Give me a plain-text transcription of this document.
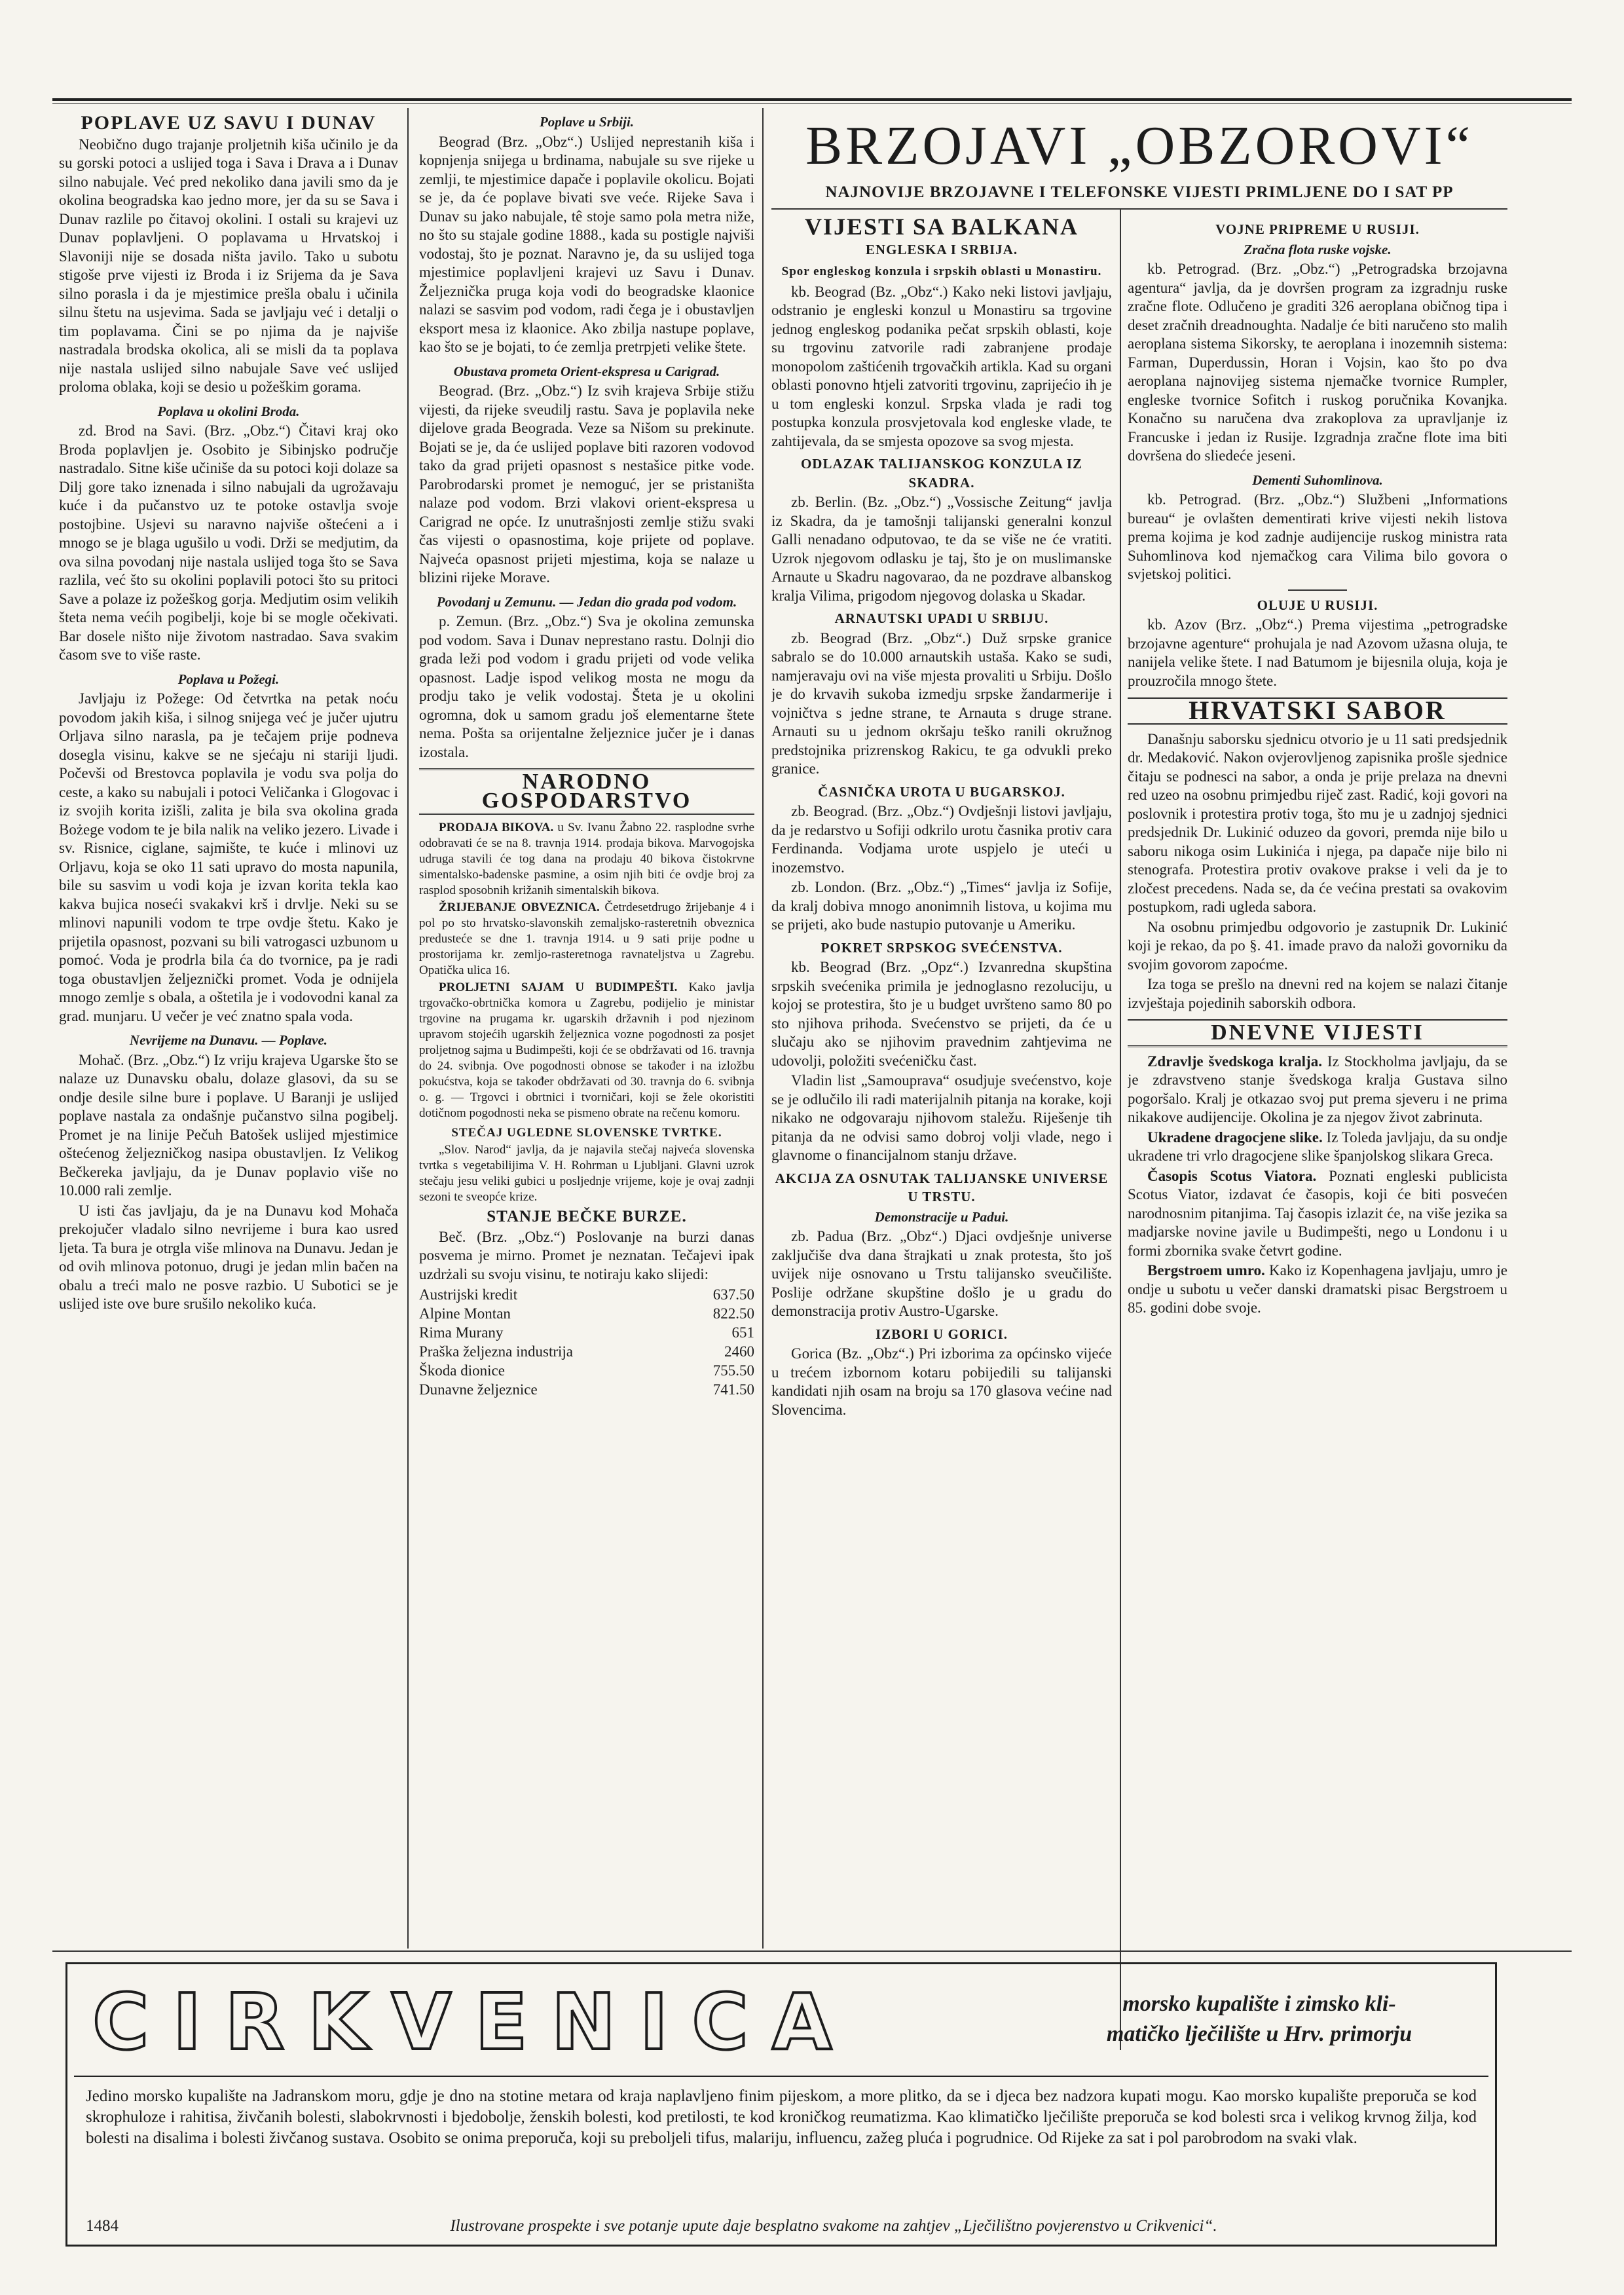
POPLAVE UZ SAVU I DUNAV

Neobično dugo trajanje proljetnih kiša učinilo je da su gorski potoci a uslijed toga i Sava i Drava a i Dunav silno nabujale. Već pred nekoliko dana javili smo da je okolina beogradska kao jedno more, jer da su se Sava i Dunav razlile po čitavoj okolini. I ostali su krajevi uz Dunav poplavljeni. O poplavama u Hrvatskoj i Slavoniji nije se dosada ništa javilo. Tako u subotu stigoše prve vijesti iz Broda i iz Srijema da je Sava silno porasla i da je mjestimice prešla obalu i učinila silnu štetu na usjevima. Sada se javljaju već i detalji o tim poplavama. Čini se po njima da je najviše nastradala brodska okolica, ali se misli da ta poplava nije nastala uslijed silno nabujale Save već uslijed proloma oblaka, koji se desio u požeškim gorama.

Poplava u okolini Broda.

zd. Brod na Savi. (Brz. „Obz.“) Čitavi kraj oko Broda poplavljen je. Osobito je Sibinjsko područje nastradalo. Sitne kiše učiniše da su potoci koji dolaze sa Dilj gore tako iznenada i silno nabujali da ugrožavaju kuće i da pučanstvo uz te potoke ostavlja svoje postojbine. Usjevi su naravno najviše oštećeni a i mnogo se je blaga ugušilo u vodi. Drži se medjutim, da ova silna povodanj nije nastala uslijed toga što se Sava razlila, već što su okolini poplavili potoci što su pritoci Save a polaze iz požeškog gorja. Medjutim osim velikih šteta nema većih pogibelji, koje bi se mogle očekivati. Bar dosele ništo nije životom nastradao. Sava svakim časom sve to više raste.

Poplava u Požegi.

Javljaju iz Požege: Od četvrtka na petak noću povodom jakih kiša, i silnog snijega već je jučer ujutru Orljava silno narasla, pa je tečajem prije podneva dosegla visinu, kakve se ne sjećaju ni stariji ljudi. Počevši od Brestovca poplavila je vodu sva polja do ceste, a kako su nabujali i potoci Veličanka i Glogovac i iz svojih korita izišli, zalita je bila sva okolina grada Bożege vodom te je bila nalik na veliko jezero. Livade i sv. Risnice, ciglane, sajmište, te kuće i mlinovi uz Orljavu, koja se oko 11 sati upravo do mosta napunila, bile su sasvim u vodi koja je izvan korita tekla kao kakva bujica noseći svakakvi krš i drvlje. Neki su se mlinovi napunili vodom te trpe ovdje štetu. Kako je prijetila opasnost, pozvani su bili vatrogasci uzbunom u pomoć. Voda je prodrla bila ća do tvornice, pa je radi toga obustavljen željeznički promet. Voda je odnijela mnogo zemlje s obala, a oštetila je i vodovodni kanal za grad. munjaru. U večer je već znatno spala voda.

Nevrijeme na Dunavu. — Poplave.

Mohač. (Brz. „Obz.“) Iz vriju krajeva Ugarske što se nalaze uz Dunavsku obalu, dolaze glasovi, da su se ondje desile silne bure i poplave. U Baranji je uslijed poplave nastala za ondašnje pučanstvo silna pogibelj. Promet je na linije Pečuh Batošek uslijed mjestimice oštećenog željezničkog nasipa obustavljen. Iz Velikog Bečkereka javljaju, da je Dunav poplavio više no 10.000 rali zemlje.

U isti čas javljaju, da je na Dunavu kod Mohača prekojučer vladalo silno nevrijeme i bura kao usred ljeta. Ta bura je otrgla više mlinova na Dunavu. Jedan je od ovih mlinova potonuo, drugi je jedan mlin bačen na obalu a treći malo ne posve razbio. U Subotici se je uslijed iste ove bure srušilo nekoliko kuća.

Poplave u Srbiji.

Beograd (Brz. „Obz“.) Uslijed neprestanih kiša i kopnjenja snijega u brdinama, nabujale su sve rijeke u zemlji, te mjestimice dapače i poplavile okolicu. Bojati se je, da će poplave bivati sve veće. Rijeke Sava i Dunav su jako nabujale, tê stoje samo pola metra niže, no što su stajale godine 1888., kada su postigle najviši vodostaj, što je poznat. Naravno je, da su uslijed toga mjestimice poplavljeni krajevi uz Savu i Dunav. Željeznička pruga koja vodi do beogradske klaonice nalazi se sasvim pod vodom, radi čega je i obustavljen eksport mesa iz klaonice. Ako zbilja nastupe poplave, kao što se je bojati, to će zemlja pretrpjeti velike štete.

Obustava prometa Orient-ekspresa u Carigrad.

Beograd. (Brz. „Obz.“) Iz svih krajeva Srbije stižu vijesti, da rijeke sveudilj rastu. Sava je poplavila neke dijelove grada Beograda. Veze sa Nišom su prekinute. Bojati se je, da će uslijed poplave biti razoren vodovod tako da grad prijeti opasnost s nestašice pitke vode. Parobrodarski promet je nemoguć, jer se pristaništa nalaze pod vodom. Brzi vlakovi orient-ekspresa u Carigrad ne opće. Iz unutrašnjosti zemlje stižu svaki čas vijesti o opasnostima, koje prijete od poplave. Najveća opasnost prijeti mjestima, koja se nalaze u blizini rijeke Morave.

Povodanj u Zemunu. — Jedan dio grada pod vodom.

p. Zemun. (Brz. „Obz.“) Sva je okolina zemunska pod vodom. Sava i Dunav neprestano rastu. Dolnji dio grada leži pod vodom i gradu prijeti od vode velika opasnost. Ladje ispod velikog mosta ne mogu da prodju tako je velik vodostaj. Šteta je u okolini ogromna, dok u samom gradu još elementarne štete nema. Pošta sa orijentalne željeznice jučer je i danas izostala.

NARODNO GOSPODARSTVO

PRODAJA BIKOVA. u Sv. Ivanu Žabno 22. rasplodne svrhe odobravati će se na 8. travnja 1914. prodaja bikova. Marvogojska udruga stavili će tog dana na prodaju 40 bikova čistokrvne simentalsko-badenske pasmine, a osim njih biti će ovdje broj za rasplod sposobnih križanih simentalskih bikova.

ŽRIJEBANJE OBVEZNICA. Četrdesetdrugo žrijebanje 4 i pol po sto hrvatsko-slavonskih zemaljsko-rasteretnih obveznica predusteće se dne 1. travnja 1914. u 9 sati prije podne u prostorijama kr. zemljo-rasteretnoga ravnateljstva u Zagrebu. Opatička ulica 16.

PROLJETNI SAJAM U BUDIMPEŠTI. Kako javlja trgovačko-obrtnička komora u Zagrebu, podijelio je ministar trgovine na prugama kr. ugarskih državnih i pod njezinom upravom stojećih ugarskih željeznica vozne pogodnosti za posjet proljetnog sajma u Budimpešti, koji će se obdržavati od 16. travnja do 24. svibnja. Ove pogodnosti obnose se također i na izložbu pokućstva, koja se također obdržavati od 30. travnja do 6. svibnja o. g. — Trgovci i obrtnici i tvorničari, koji se žele okoristiti dotičnom pogodnosti neka se pismeno obrate na rečenu komoru.

STEČAJ UGLEDNE SLOVENSKE TVRTKE.

„Slov. Narod“ javlja, da je najavila stečaj najveća slovenska tvrtka s vegetabilijima V. H. Rohrman u Ljubljani. Glavni uzrok stečaju jesu veliki gubici u posljednje vrijeme, koje je ovaj zadnji sezoni te sveopće krize.

STANJE BEČKE BURZE.

Beč. (Brz. „Obz.“) Poslovanje na burzi danas posvema je mirno. Promet je neznatan. Tečajevi ipak uzdrżali su svoju visinu, te notiraju kako slijedi:

Austrijski kredit	637.50
Alpine Montan	822.50
Rima Murany	651
Praška željezna industrija	2460
Škoda dionice	755.50
Dunavne željeznice	741.50
BRZOJAVI „OBZOROVI“
NAJNOVIJE BRZOJAVNE I TELEFONSKE VIJESTI PRIMLJENE DO I SAT PP
VIJESTI SA BALKANA
ENGLESKA I SRBIJA.
Spor engleskog konzula i srpskih oblasti u Monastiru.

kb. Beograd (Bz. „Obz“.) Kako neki listovi javljaju, odstranio je engleski konzul u Monastiru sa trgovine jednog engleskog podanika pečat srpskih oblasti, koje su trgovinu zatvorile radi zabranjene prodaje monopolom zaštićenih trgovačkih artikla. Kad su organi oblasti ponovno htjeli zatvoriti trgovinu, zaprijećio ih je u tom engleski konzul. Srpska vlada je radi tog postupka konzula prosvjetovala kod engleske vlade, te zahtijevala, da se smjesta opozove sa svog mjesta.

ODLAZAK TALIJANSKOG KONZULA IZ SKADRA.

zb. Berlin. (Bz. „Obz.“) „Vossische Zeitung“ javlja iz Skadra, da je tamošnji talijanski generalni konzul Galli nenadano odputovao, te da se više ne će vratiti. Uzrok njegovom odlasku je taj, što je on muslimanske Arnaute u Skadru nagovarao, da ne pozdrave albanskog kralja Vilima, prigodom njegovog dolaska u Skadar.

ARNAUTSKI UPADI U SRBIJU.

zb. Beograd (Brz. „Obz“.) Duž srpske granice sabralo se do 10.000 arnautskih ustaša. Kako se sudi, namjeravaju ovi na više mjesta provaliti u Srbiju. Došlo je do krvavih sukoba izmedju srpske žandarmerije i vojničtva s jedne strane, te Arnauta s druge strane. Arnauti su u jednom okršaju teško ranili okružnog predstojnika prizrenskog Rakicu, te ga odvukli preko granice.

ČASNIČKA UROTA U BUGARSKOJ.

zb. Beograd. (Brz. „Obz.“) Ovdješnji listovi javljaju, da je redarstvo u Sofiji odkrilo urotu časnika protiv cara Ferdinanda. Vodjama urote uspjelo je uteći u inozemstvo.

zb. London. (Brz. „Obz.“) „Times“ javlja iz Sofije, da kralj dobiva mnogo anonimnih listova, u kojima mu se prijeti, ako bude nastupio putovanje u Ameriku.

POKRET SRPSKOG SVEĆENSTVA.

kb. Beograd (Brz. „Opz“.) Izvanredna skupština srpskih svećenika primila je jednoglasno rezoluciju, u kojoj se protestira, što je u budget uvršteno samo 80 po sto njihova prihoda. Svećenstvo se prijeti, da će u slučaju ako se njihovim pravednim zahtjevima ne udovolji, položiti svećeničku čast.

Vladin list „Samouprava“ osudjuje svećenstvo, koje se je odlučilo ili radi materijalnih pitanja na korake, koji nikako ne odgovaraju njihovom staležu. Riješenje tih pitanja da ne odvisi samo dobroj volji vlade, nego i glavnome o financijalnom stanju države.

AKCIJA ZA OSNUTAK TALIJANSKE UNIVERSE U TRSTU.
Demonstracije u Padui.

zb. Padua (Brz. „Obz“.) Djaci ovdješnje universe zaključiše dva dana štrajkati u znak protesta, što još uvijek nije osnovano u Trstu talijansko sveučilište. Poslije održane skupštine došlo je u gradu do demonstracija protiv Austro-Ugarske.

IZBORI U GORICI.

Gorica (Bz. „Obz“.) Pri izborima za općinsko vijeće u trećem izbornom kotaru pobijedili su talijanski kandidati njih osam na broju sa 170 glasova većine nad Slovencima.

VOJNE PRIPREME U RUSIJI.
Zračna flota ruske vojske.

kb. Petrograd. (Brz. „Obz.“) „Petrogradska brzojavna agentura“ javlja, da je dovršen program za izgradnju ruske zračne flote. Odlučeno je graditi 326 aeroplana običnog tipa i deset zračnih dreadnoughta. Nadalje će biti naručeno sto malih aeroplana sistema Sikorsky, te aeroplana i inozemnih sistema: Farman, Duperdussin, Horan i Vojsin, kao što po dva aeroplana najnovijeg sistema njemačke tvornice Rumpler, engleske tvornice Sofitch i ruskog poručnika Kovanjka. Konačno su naručena dva zrakoplova za upravljanje iz Francuske i jedan iz Rusije. Izgradnja zračne flote ima biti dovršena do sliedeće jeseni.

Dementi Suhomlinova.

kb. Petrograd. (Brz. „Obz.“) Službeni „Informations bureau“ je ovlašten dementirati krive vijesti nekih listova prema kojima je kod zadnje audijencije ruskog ministra rata Suhomlinova kod njemačkog cara Vilima bilo govora o svjetskoj politici.

OLUJE U RUSIJI.

kb. Azov (Brz. „Obz“.) Prema vijestima „petrogradske brzojavne agenture“ prohujala je nad Azovom užasna oluja, te nanijela velike štete. I nad Batumom je bijesnila oluja, koja je prouzročila mnogo štete.

HRVATSKI SABOR

Današnju saborsku sjednicu otvorio je u 11 sati predsjednik dr. Medaković. Nakon ovjerovljenog zapisnika prošle sjednice čitaju se podnesci na sabor, a onda je prije prelaza na dnevni red uzeo na osobnu primjedbu riječ zast. Radić, koji govori na poslovnik i protestira protiv toga, što mu je u zadnjoj sjednici predsjednik Dr. Lukinić oduzeo da govori, premda nije bilo u saboru nikoga osim Lukinića i njega, pa dapače nije bilo ni stenografa. Protestira protiv ovakove prakse i veli da je to zločest precedens. Nada se, da će većina prestati sa ovakovim postupkom, radi ugleda sabora.

Na osobnu primjedbu odgovorio je zastupnik Dr. Lukinić koji je rekao, da po §. 41. imade pravo da naloži govorniku da svojim govorom zapoćme.

Iza toga se prešlo na dnevni red na kojem se nalazi čitanje izvještaja pojedinih saborskih odbora.

DNEVNE VIJESTI

Zdravlje švedskoga kralja. Iz Stockholma javljaju, da se je zdravstveno stanje švedskoga kralja Gustava silno pogoršalo. Kralj je otkazao svoj put prema sjeveru i ne prima nikakove audijencije. Okolina je za njegov život zabrinuta.

Ukradene dragocjene slike. Iz Toleda javljaju, da su ondje ukradene tri vrlo dragocjene slike španjolskog slikara Greca.

Časopis Scotus Viatora. Poznati engleski publicista Scotus Viator, izdavat će časopis, koji će biti posvećen narodnosnim pitanjima. Taj časopis izlazit će, na više jezika sa madjarske novine javile u Budimpešti, nego u Londonu i u formi zbornika svake četvrt godine.

Bergstroem umro. Kako iz Kopenhagena javljaju, umro je ondje u subotu u večer danski dramatski pisac Bergstroem u 85. godini dobe svoje.

CIRKVENICA	morsko kupalište i zimsko kli-
matičko lječilište u Hrv. primorju
Jedino morsko kupalište na Jadranskom moru, gdje je dno na stotine metara od kraja naplavljeno finim pijeskom, a more plitko, da se i djeca bez nadzora kupati mogu. Kao morsko kupalište preporuča se kod skrophuloze i rahitisa, živčanih bolesti, slabokrvnosti i bjedobolje, ženskih bolesti, kod pretilosti, te kod kroničkog reumatizma. Kao klimatičko lječilište preporuča se kod bolesti srca i velikog krvnog žilja, kod bolesti na disalima i bolesti živčanog sustava. Osobito se onima preporuča, koji su preboljeli tifus, malariju, influencu, zažeg pluća i pogrudnice. Od Rijeke za sat i pol parobrodom na svaki vlak.
1484	Ilustrovane prospekte i sve potanje upute daje besplatno svakome na zahtjev „Lječilištno povjerenstvo u Crikvenici“.
